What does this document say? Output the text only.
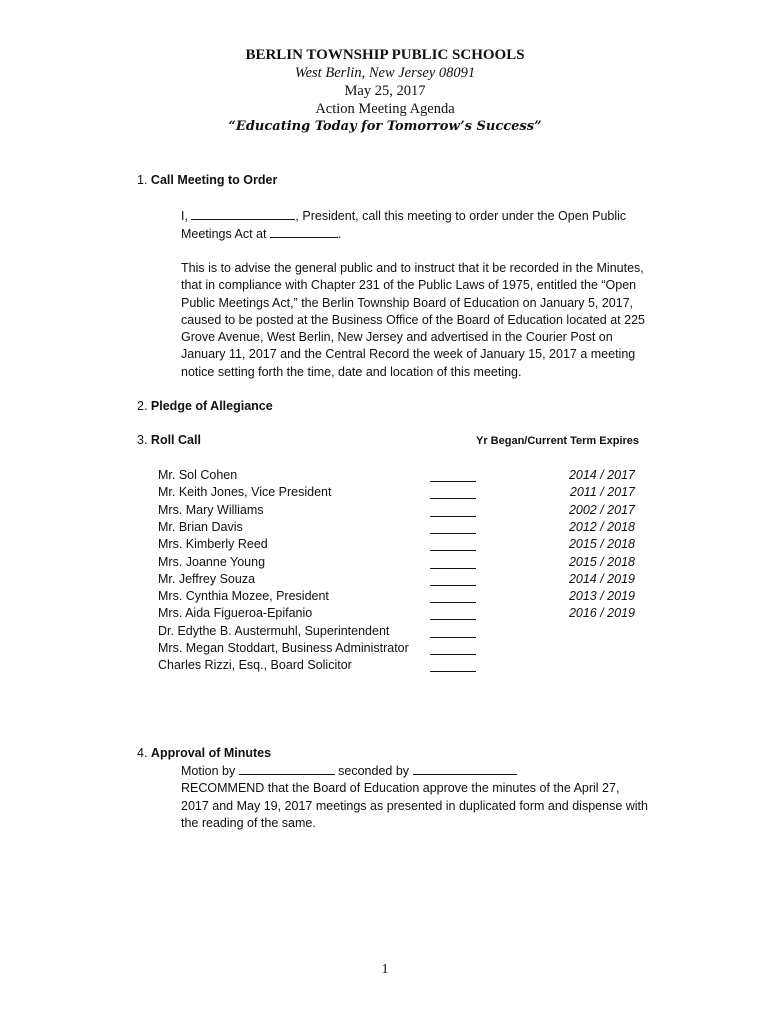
BERLIN TOWNSHIP PUBLIC SCHOOLS
West Berlin, New Jersey 08091
May 25, 2017
Action Meeting Agenda
“Educating Today for Tomorrow’s Success”
1. Call Meeting to Order
I,	, President, call this meeting to order under the Open Public
Meetings Act at	.
This is to advise the general public and to instruct that it be recorded in the Minutes,
that in compliance with Chapter 231 of the Public Laws of 1975, entitled the “Open
Public Meetings Act,” the Berlin Township Board of Education on January 5, 2017,
caused to be posted at the Business Office of the Board of Education located at 225
Grove Avenue, West Berlin, New Jersey and advertised in the Courier Post on
January 11, 2017 and the Central Record the week of January 15, 2017 a meeting
notice setting forth the time, date and location of this meeting.
2. Pledge of Allegiance
3. Roll Call	Yr Began/Current Term Expires
Mr. Sol Cohen	2014 / 2017
Mr. Keith Jones, Vice President	2011 / 2017
Mrs. Mary Williams	2002 / 2017
Mr. Brian Davis	2012 / 2018
Mrs. Kimberly Reed	2015 / 2018
Mrs. Joanne Young	2015 / 2018
Mr. Jeffrey Souza	2014 / 2019
Mrs. Cynthia Mozee, President	2013 / 2019
Mrs. Aida Figueroa-Epifanio	2016 / 2019
Dr. Edythe B. Austermuhl, Superintendent
Mrs. Megan Stoddart, Business Administrator
Charles Rizzi, Esq., Board Solicitor
4. Approval of Minutes
Motion by	seconded by
RECOMMEND that the Board of Education approve the minutes of the April 27,
2017 and May 19, 2017 meetings as presented in duplicated form and dispense with
the reading of the same.
1
